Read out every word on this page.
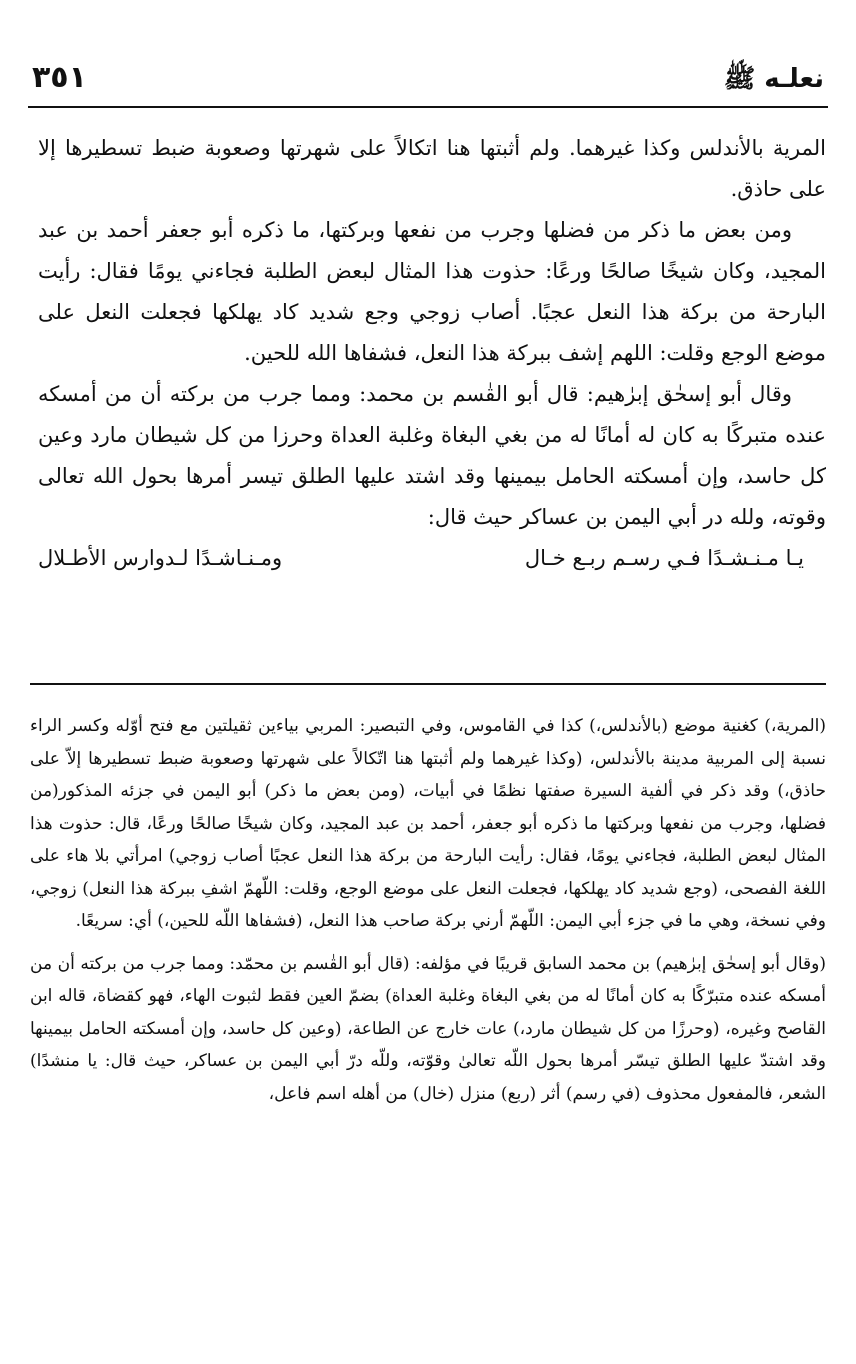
٣٥١	نعلـه ﷺ

المرية بالأندلس وكذا غيرهما. ولم أثبتها هنا اتكالاً على شهرتها وصعوبة ضبط تسطيرها إلا على حاذق.

ومن بعض ما ذكر من فضلها وجرب من نفعها وبركتها، ما ذكره أبو جعفر أحمد بن عبد المجيد، وكان شيخًا صالحًا ورعًا: حذوت هذا المثال لبعض الطلبة فجاءني يومًا فقال: رأيت البارحة من بركة هذا النعل عجبًا. أصاب زوجي وجع شديد كاد يهلكها فجعلت النعل على موضع الوجع وقلت: اللهم إشف ببركة هذا النعل، فشفاها الله للحين.

وقال أبو إسحٰق إبرٰهيم: قال أبو القٰسم بن محمد: ومما جرب من بركته أن من أمسكه عنده متبركًا به كان له أمانًا له من بغي البغاة وغلبة العداة وحرزا من كل شيطان مارد وعين كل حاسد، وإن أمسكته الحامل بيمينها وقد اشتد عليها الطلق تيسر أمرها بحول الله تعالى وقوته، ولله در أبي اليمن بن عساكر حيث قال:

يـا مـنـشـدًا فـي رسـم ربـع خـال
ومـنـاشـدًا لـدوارس الأطـلال

(المرية،) كغنية موضع (بالأندلس،) كذا في القاموس، وفي التبصير: المربي بياءين ثقيلتين مع فتح أوّله وكسر الراء نسبة إلى المربية مدينة بالأندلس، (وكذا غيرهما ولم أثبتها هنا اتّكالاً على شهرتها وصعوبة ضبط تسطيرها إلاّ على حاذق،) وقد ذكر في ألفية السيرة صفتها نظمًا في أبيات، (ومن بعض ما ذكر) أبو اليمن في جزئه المذكور(من فضلها، وجرب من نفعها وبركتها ما ذكره أبو جعفر، أحمد بن عبد المجيد، وكان شيخًا صالحًا ورعًا، قال: حذوت هذا المثال لبعض الطلبة، فجاءني يومًا، فقال: رأيت البارحة من بركة هذا النعل عجبًا أصاب زوجي) امرأتي بلا هاء على اللغة الفصحى، (وجع شديد كاد يهلكها، فجعلت النعل على موضع الوجع، وقلت: اللّهمّ اشفِ ببركة هذا النعل) زوجي، وفي نسخة، وهي ما في جزء أبي اليمن: اللّهمّ أرني بركة صاحب هذا النعل، (فشفاها اللّه للحين،) أي: سريعًا.

(وقال أبو إسحٰق إبرٰهيم) بن محمد السابق قريبًا في مؤلفه: (قال أبو القٰسم بن محمّد: ومما جرب من بركته أن من أمسكه عنده متبرّكًا به كان أمانًا له من بغي البغاة وغلبة العداة) بضمّ العين فقط لثبوت الهاء، فهو كقضاة، قاله ابن القاصح وغيره، (وحرزًا من كل شيطان مارد،) عات خارج عن الطاعة، (وعين كل حاسد، وإن أمسكته الحامل بيمينها وقد اشتدّ عليها الطلق تيسّر أمرها بحول اللّه تعالىٰ وقوّته، وللّه درّ أبي اليمن بن عساكر، حيث قال: يا منشدًا) الشعر، فالمفعول محذوف (في رسم) أثر (ربع) منزل (خال) من أهله اسم فاعل،
